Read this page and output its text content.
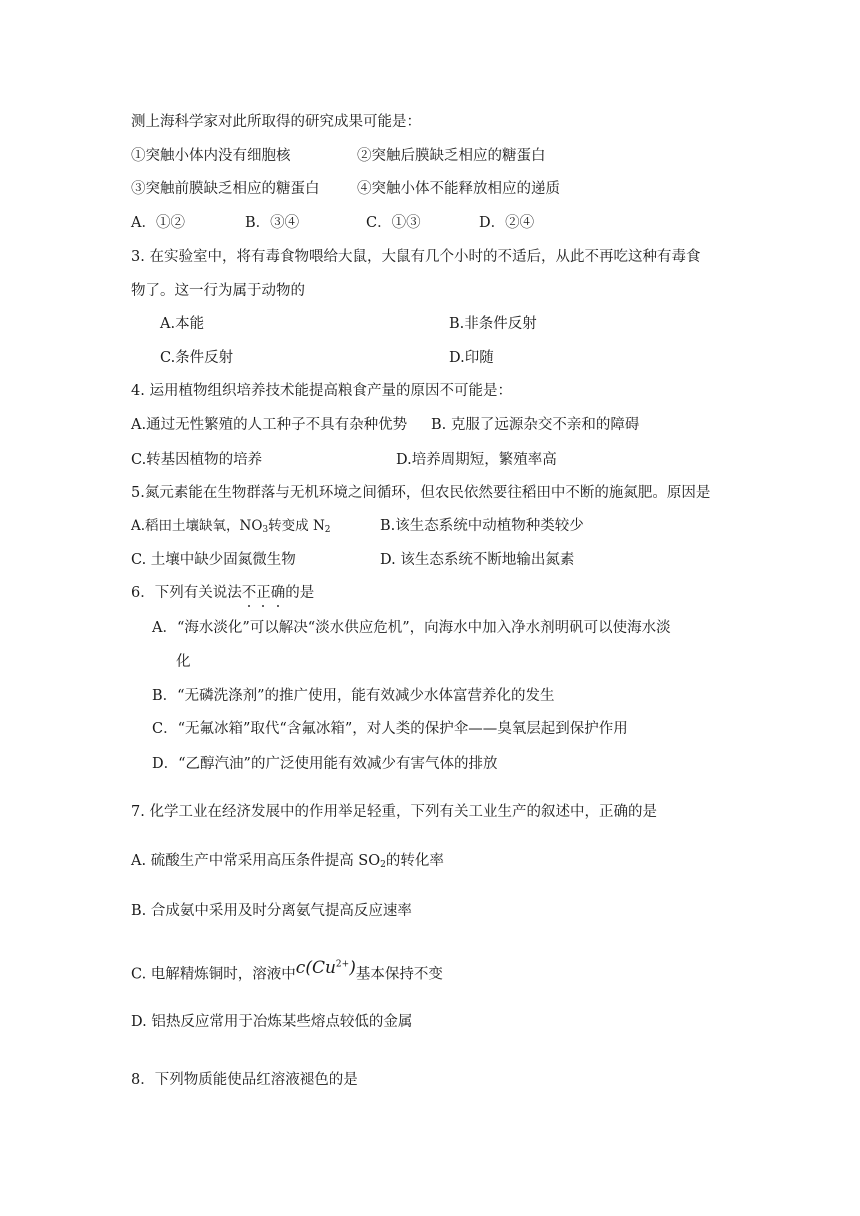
测上海科学家对此所取得的研究成果可能是：
①突触小体内没有细胞核	②突触后膜缺乏相应的糖蛋白
③突触前膜缺乏相应的糖蛋白	④突触小体不能释放相应的递质
A．①②	B．③④	C．①③	D．②④
3. 在实验室中，将有毒食物喂给大鼠，大鼠有几个小时的不适后，从此不再吃这种有毒食
物了。这一行为属于动物的
A.本能	B.非条件反射
C.条件反射	D.印随
4. 运用植物组织培养技术能提高粮食产量的原因不可能是：
A.通过无性繁殖的人工种子不具有杂种优势 B. 克服了远源杂交不亲和的障碍
C.转基因植物的培养	D.培养周期短，繁殖率高
5.氮元素能在生物群落与无机环境之间循环，但农民依然要往稻田中不断的施氮肥。原因是
A.稻田土壤缺氧，$NO_3$转变成 $N_2$	B.该生态系统中动植物种类较少
C. 土壤中缺少固氮微生物	D. 该生态系统不断地输出氮素
6．下列有关说法不
正
确
的是
A．“海水淡化”可以解决“淡水供应危机”，向海水中加入净水剂明矾可以使海水淡
化
B．“无磷洗涤剂”的推广使用，能有效减少水体富营养化的发生
C．“无氟冰箱”取代“含氟冰箱”，对人类的保护伞——臭氧层起到保护作用
D．“乙醇汽油”的广泛使用能有效减少有害气体的排放
7. 化学工业在经济发展中的作用举足轻重，下列有关工业生产的叙述中，正确的是
A. 硫酸生产中常采用高压条件提高 $SO_2$的转化率
B. 合成氨中采用及时分离氨气提高反应速率
C. 电解精炼铜时，溶液中$c(Cu^{2+})$基本保持不变
D. 铝热反应常用于冶炼某些熔点较低的金属
8．下列物质能使品红溶液褪色的是
